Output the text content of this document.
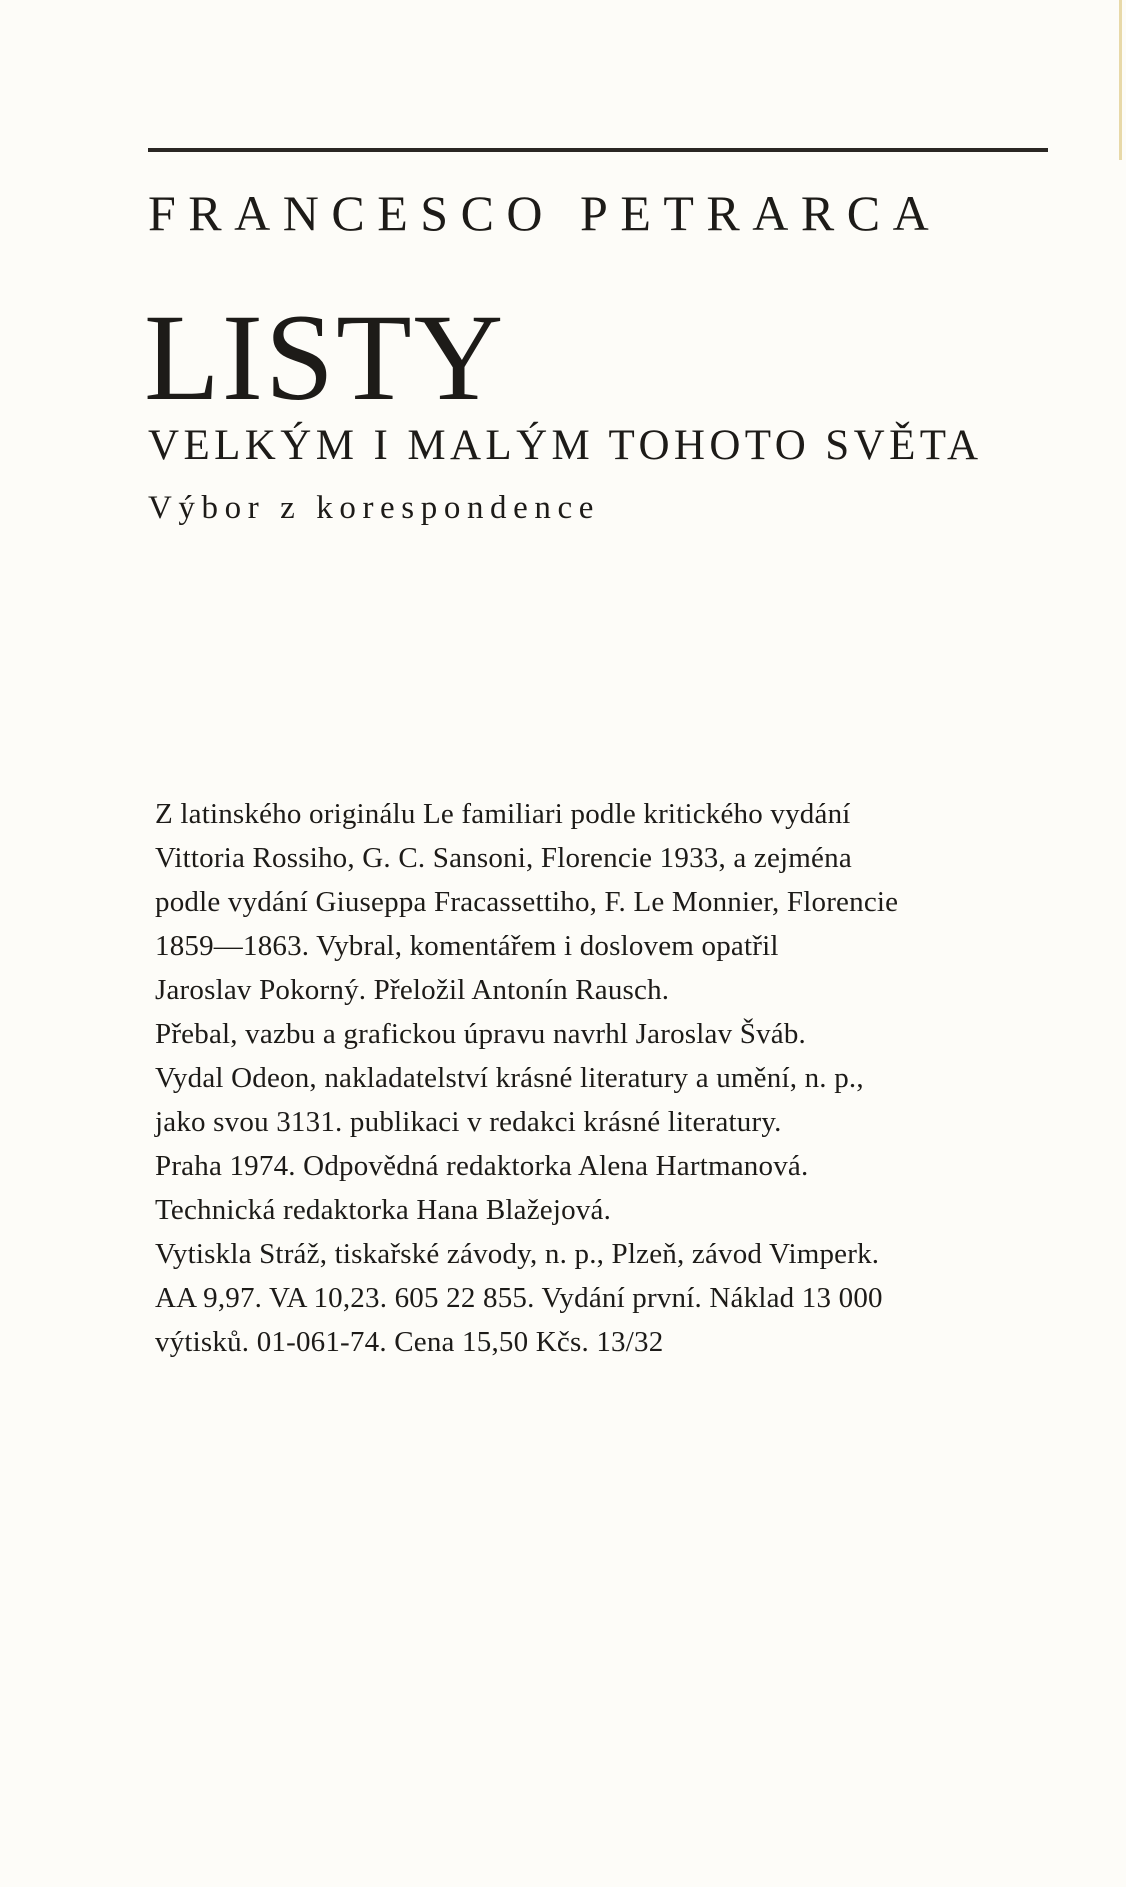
FRANCESCO PETRARCA
LISTY
VELKÝM I MALÝM TOHOTO SVĚTA
Výbor z korespondence
Z latinského originálu Le familiari podle kritického vydání
Vittoria Rossiho, G. C. Sansoni, Florencie 1933, a zejména
podle vydání Giuseppa Fracassettiho, F. Le Monnier, Florencie
1859—1863. Vybral, komentářem i doslovem opatřil
Jaroslav Pokorný. Přeložil Antonín Rausch.
Přebal, vazbu a grafickou úpravu navrhl Jaroslav Šváb.
Vydal Odeon, nakladatelství krásné literatury a umění, n. p.,
jako svou 3131. publikaci v redakci krásné literatury.
Praha 1974. Odpovědná redaktorka Alena Hartmanová.
Technická redaktorka Hana Blažejová.
Vytiskla Stráž, tiskařské závody, n. p., Plzeň, závod Vimperk.
AA 9,97. VA 10,23. 605 22 855. Vydání první. Náklad 13 000
výtisků. 01-061-74. Cena 15,50 Kčs. 13/32
